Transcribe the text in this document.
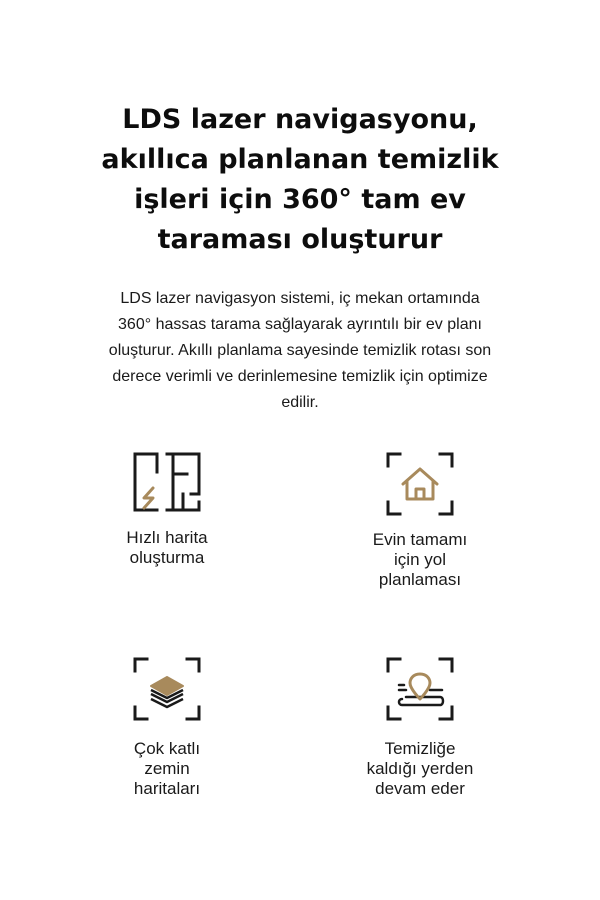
LDS lazer navigasyonu,
akıllıca planlanan temizlik
işleri için 360° tam ev
taraması oluşturur
LDS lazer navigasyon sistemi, iç mekan ortamında
360° hassas tarama sağlayarak ayrıntılı bir ev planı
oluşturur. Akıllı planlama sayesinde temizlik rotası son
derece verimli ve derinlemesine temizlik için optimize
edilir.
Hızlı harita
oluşturma
Evin tamamı
için yol
planlaması
Çok katlı
zemin
haritaları
Temizliğe
kaldığı yerden
devam eder
